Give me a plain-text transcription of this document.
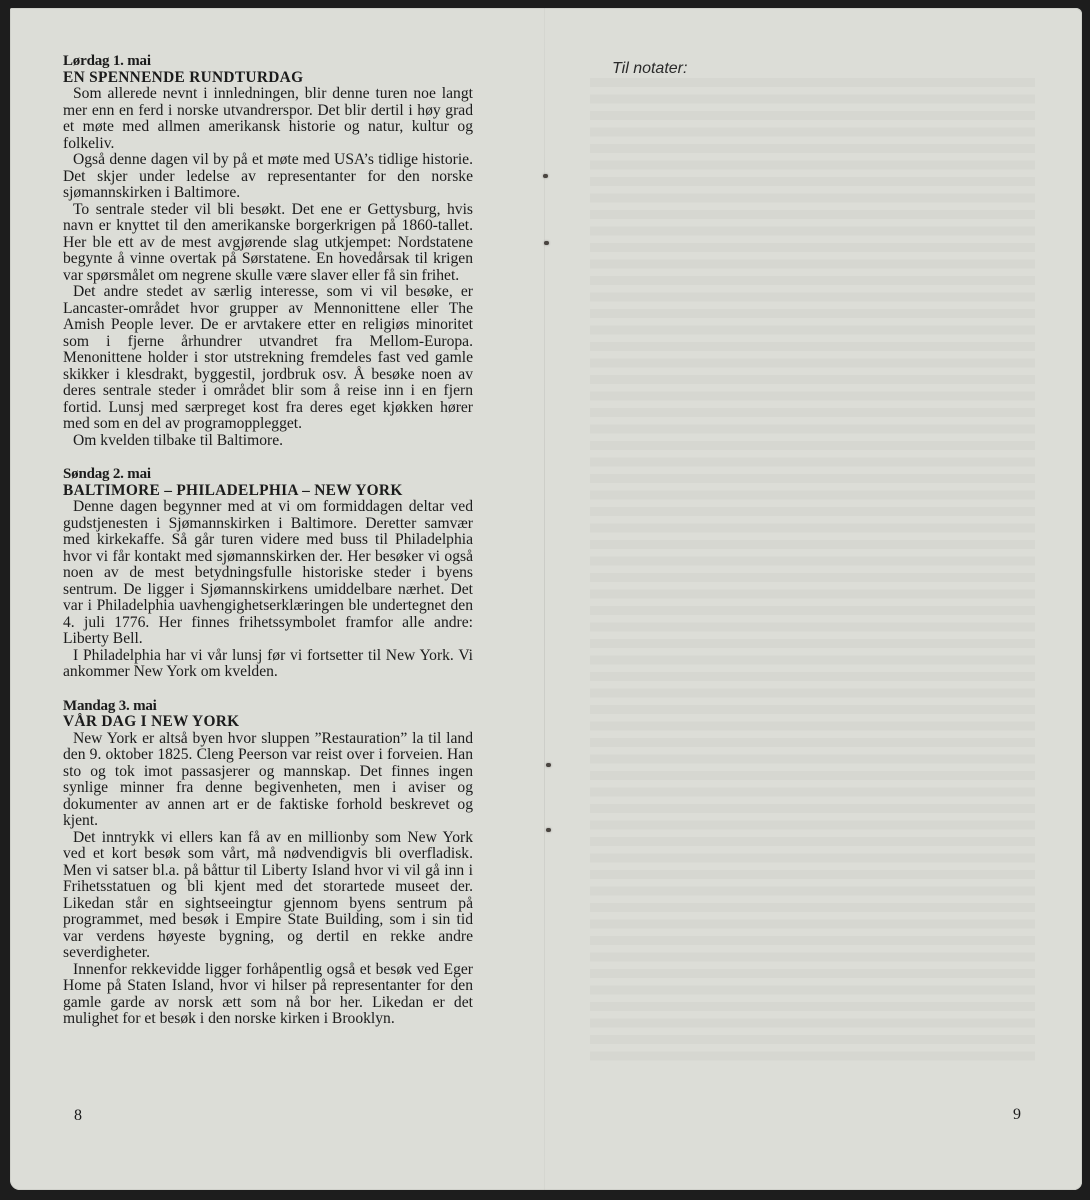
Lørdag 1. mai
EN SPENNENDE RUNDTURDAG

Som allerede nevnt i innledningen, blir denne turen noe langt mer enn en ferd i norske utvandrerspor. Det blir dertil i høy grad et møte med allmen amerikansk historie og natur, kultur og folkeliv.

Også denne dagen vil by på et møte med USA’s tidlige historie. Det skjer under ledelse av representanter for den norske sjømannskirken i Baltimore.

To sentrale steder vil bli besøkt. Det ene er Gettysburg, hvis navn er knyttet til den amerikanske borgerkrigen på 1860-tallet. Her ble ett av de mest avgjørende slag utkjempet: Nordstatene begynte å vinne overtak på Sørstatene. En hovedårsak til krigen var spørsmålet om negrene skulle være slaver eller få sin frihet.

Det andre stedet av særlig interesse, som vi vil besøke, er Lancaster-området hvor grupper av Mennonittene eller The Amish People lever. De er arvtakere etter en religiøs minoritet som i fjerne århundrer utvandret fra Mellom-Europa. Menonittene holder i stor utstrekning fremdeles fast ved gamle skikker i klesdrakt, byggestil, jordbruk osv. Å besøke noen av deres sentrale steder i området blir som å reise inn i en fjern fortid. Lunsj med særpreget kost fra deres eget kjøkken hører med som en del av programopplegget.

Om kvelden tilbake til Baltimore.

Søndag 2. mai
BALTIMORE – PHILADELPHIA – NEW YORK

Denne dagen begynner med at vi om formiddagen deltar ved gudstjenesten i Sjømannskirken i Baltimore. Deretter samvær med kirkekaffe. Så går turen videre med buss til Philadelphia hvor vi får kontakt med sjømannskirken der. Her besøker vi også noen av de mest betydningsfulle historiske steder i byens sentrum. De ligger i Sjømannskirkens umiddelbare nærhet. Det var i Philadelphia uavhengighetserklæringen ble undertegnet den 4. juli 1776. Her finnes frihetssymbolet framfor alle andre: Liberty Bell.

I Philadelphia har vi vår lunsj før vi fortsetter til New York. Vi ankommer New York om kvelden.

Mandag 3. mai
VÅR DAG I NEW YORK

New York er altså byen hvor sluppen ”Restauration” la til land den 9. oktober 1825. Cleng Peerson var reist over i forveien. Han sto og tok imot passasjerer og mannskap. Det finnes ingen synlige minner fra denne begivenheten, men i aviser og dokumenter av annen art er de faktiske forhold beskrevet og kjent.

Det inntrykk vi ellers kan få av en millionby som New York ved et kort besøk som vårt, må nødvendigvis bli overfladisk. Men vi satser bl.a. på båttur til Liberty Island hvor vi vil gå inn i Frihetsstatuen og bli kjent med det storartede museet der. Likedan står en sightseeingtur gjennom byens sentrum på programmet, med besøk i Empire State Building, som i sin tid var verdens høyeste bygning, og dertil en rekke andre severdigheter.

Innenfor rekkevidde ligger forhåpentlig også et besøk ved Eger Home på Staten Island, hvor vi hilser på representanter for den gamle garde av norsk ætt som nå bor her. Likedan er det mulighet for et besøk i den norske kirken i Brooklyn.

8
Til notater:
9
